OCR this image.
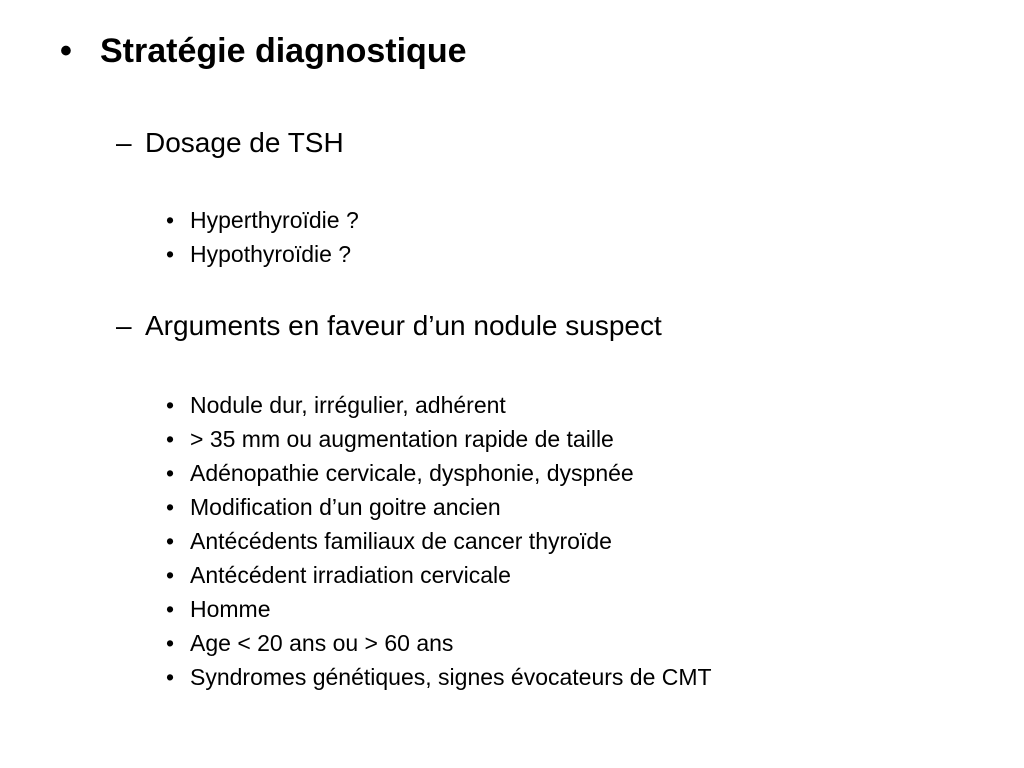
• Stratégie diagnostique
– Dosage de TSH
• Hyperthyroïdie ?
• Hypothyroïdie ?
– Arguments en faveur d’un nodule suspect
• Nodule dur, irrégulier, adhérent
• > 35 mm ou augmentation rapide de taille
• Adénopathie cervicale, dysphonie, dyspnée
• Modification d’un goitre ancien
• Antécédents familiaux de cancer thyroïde
• Antécédent irradiation cervicale
• Homme
• Age < 20 ans ou > 60 ans
• Syndromes génétiques, signes évocateurs de CMT
